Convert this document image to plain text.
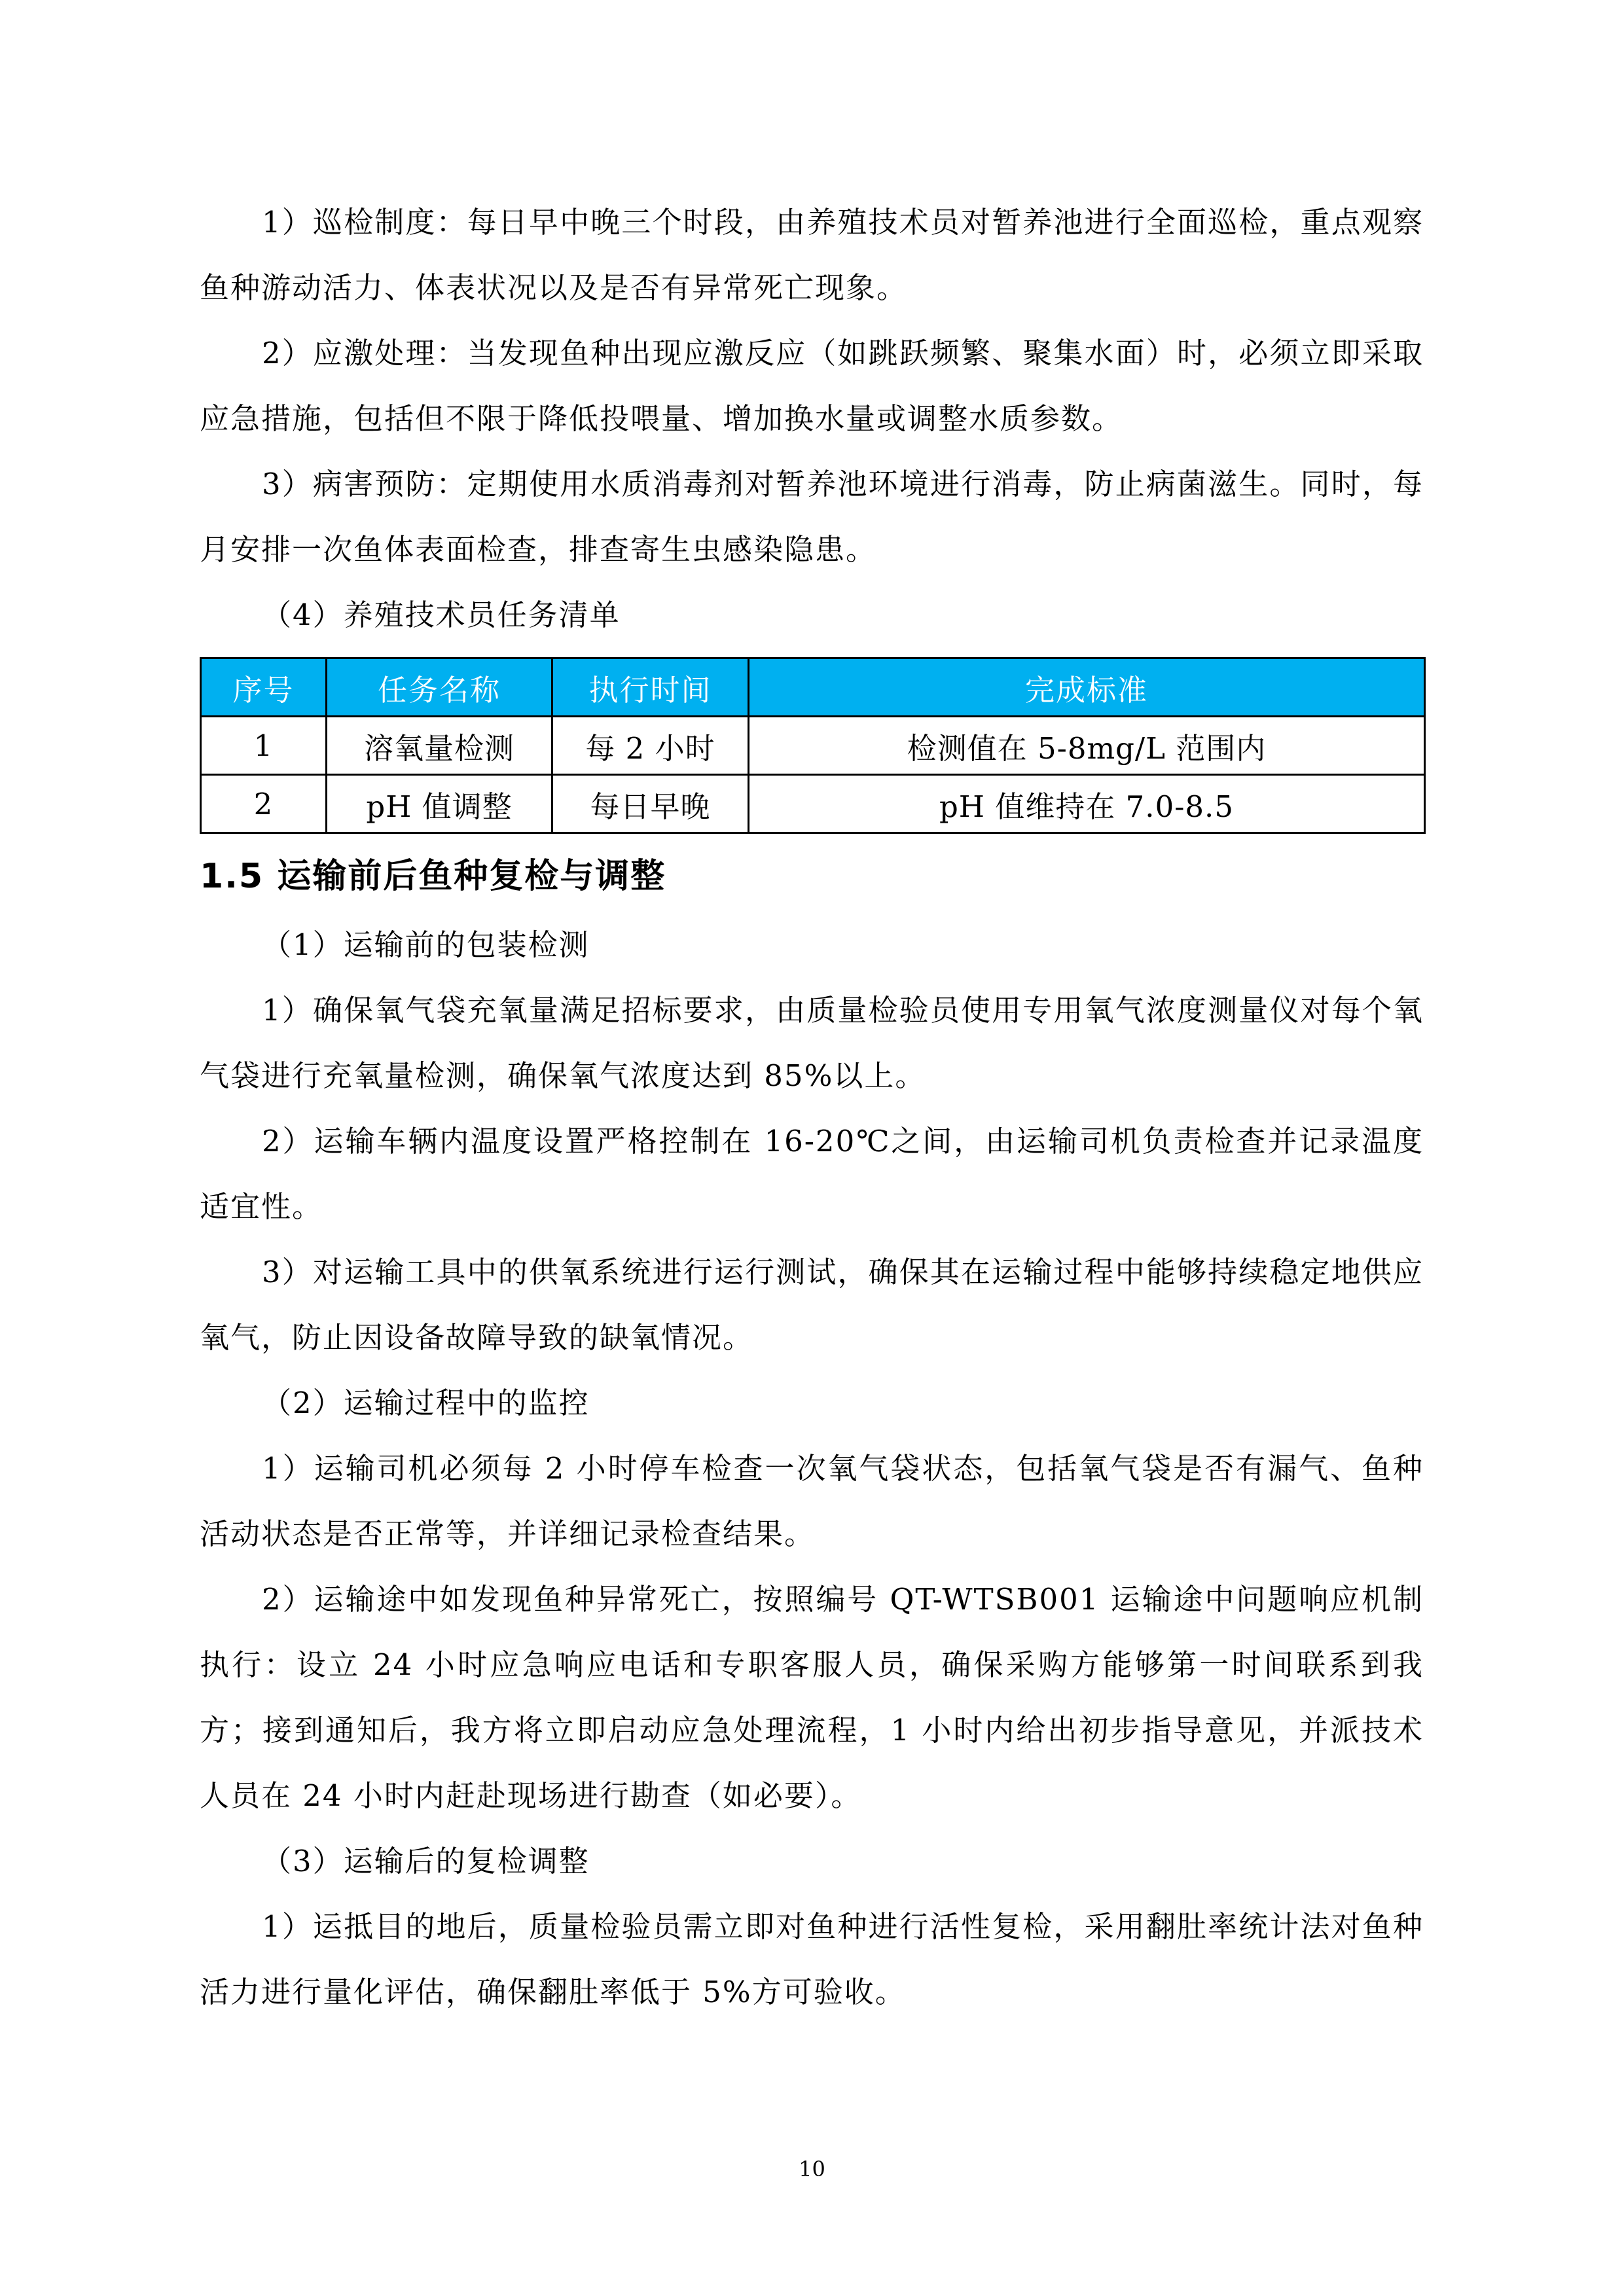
1）巡检制度：每日早中晚三个时段，由养殖技术员对暂养池进行全面巡检，重点观察鱼种游动活力、体表状况以及是否有异常死亡现象。

2）应激处理：当发现鱼种出现应激反应（如跳跃频繁、聚集水面）时，必须立即采取应急措施，包括但不限于降低投喂量、增加换水量或调整水质参数。

3）病害预防：定期使用水质消毒剂对暂养池环境进行消毒，防止病菌滋生。同时，每月安排一次鱼体表面检查，排查寄生虫感染隐患。

（4）养殖技术员任务清单

序号	任务名称	执行时间	完成标准
1	溶氧量检测	每 2 小时	检测值在 5-8mg/L 范围内
2	pH 值调整	每日早晚	pH 值维持在 7.0-8.5
1.5 运输前后鱼种复检与调整

（1）运输前的包装检测

1）确保氧气袋充氧量满足招标要求，由质量检验员使用专用氧气浓度测量仪对每个氧气袋进行充氧量检测，确保氧气浓度达到 85%以上。

2）运输车辆内温度设置严格控制在 16-20℃之间，由运输司机负责检查并记录温度适宜性。

3）对运输工具中的供氧系统进行运行测试，确保其在运输过程中能够持续稳定地供应氧气，防止因设备故障导致的缺氧情况。

（2）运输过程中的监控

1）运输司机必须每 2 小时停车检查一次氧气袋状态，包括氧气袋是否有漏气、鱼种活动状态是否正常等，并详细记录检查结果。

2）运输途中如发现鱼种异常死亡，按照编号 QT-WTSB001 运输途中问题响应机制执行：设立 24 小时应急响应电话和专职客服人员，确保采购方能够第一时间联系到我方；接到通知后，我方将立即启动应急处理流程，1 小时内给出初步指导意见，并派技术人员在 24 小时内赶赴现场进行勘查（如必要）。

（3）运输后的复检调整

1）运抵目的地后，质量检验员需立即对鱼种进行活性复检，采用翻肚率统计法对鱼种活力进行量化评估，确保翻肚率低于 5%方可验收。

10
